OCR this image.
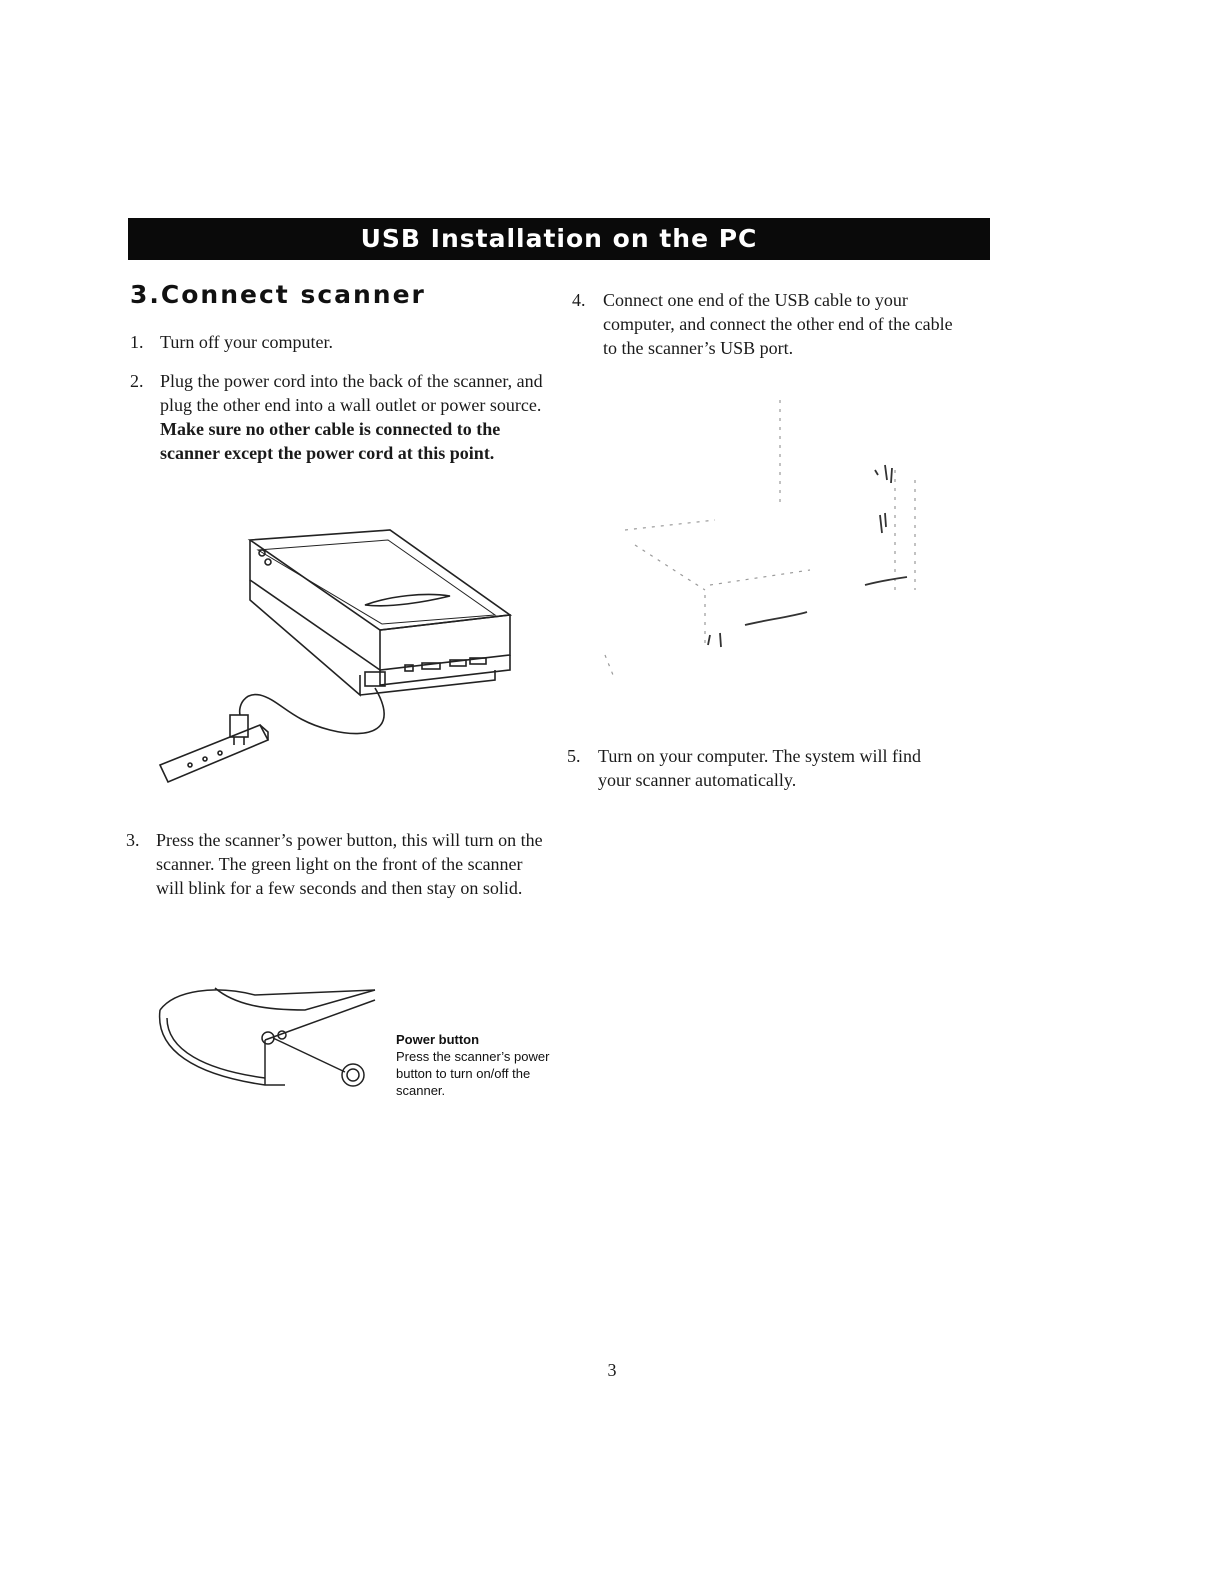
USB Installation on the PC
3.Connect scanner
1. Turn off your computer.
2. Plug the power cord into the back of the scanner, and plug the other end into a wall outlet or power source. Make sure no other cable is connected to the scanner except the power cord at this point.
3. Press the scanner’s power button, this will turn on the scanner. The green light on the front of the scanner will blink for a few seconds and then stay on solid.
Power button
Press the scanner’s power button to turn on/off the scanner.
4. Connect one end of the USB cable to your computer, and connect the other end of the cable to the scanner’s USB port.
5. Turn on your computer. The system will find your scanner automatically.
3
